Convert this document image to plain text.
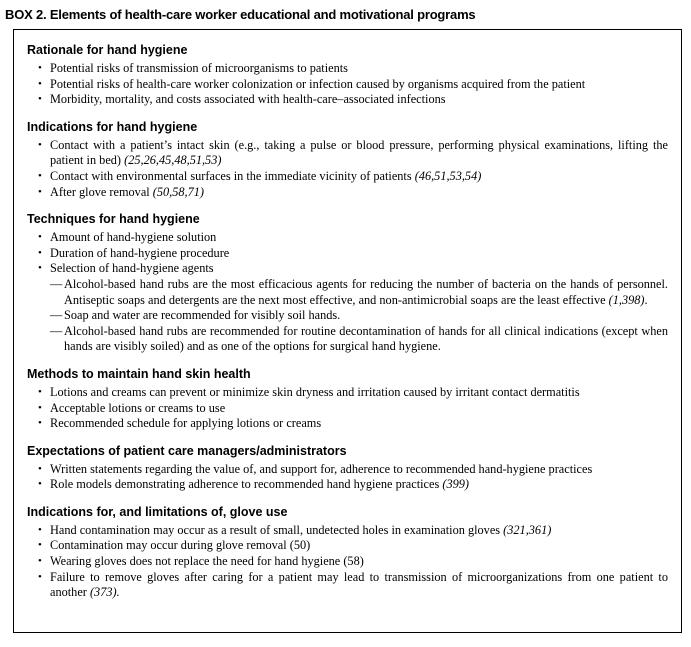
BOX 2. Elements of health-care worker educational and motivational programs
Rationale for hand hygiene
• Potential risks of transmission of microorganisms to patients
• Potential risks of health-care worker colonization or infection caused by organisms acquired from the patient
• Morbidity, mortality, and costs associated with health-care–associated infections
Indications for hand hygiene
• Contact with a patient’s intact skin (e.g., taking a pulse or blood pressure, performing physical examinations, lifting the patient in bed) (25,26,45,48,51,53)
• Contact with environmental surfaces in the immediate vicinity of patients (46,51,53,54)
• After glove removal (50,58,71)
Techniques for hand hygiene
• Amount of hand-hygiene solution
• Duration of hand-hygiene procedure
• Selection of hand-hygiene agents
— Alcohol-based hand rubs are the most efficacious agents for reducing the number of bacteria on the hands of personnel. Antiseptic soaps and detergents are the next most effective, and non-antimicrobial soaps are the least effective (1,398).
— Soap and water are recommended for visibly soil hands.
— Alcohol-based hand rubs are recommended for routine decontamination of hands for all clinical indications (except when hands are visibly soiled) and as one of the options for surgical hand hygiene.
Methods to maintain hand skin health
• Lotions and creams can prevent or minimize skin dryness and irritation caused by irritant contact dermatitis
• Acceptable lotions or creams to use
• Recommended schedule for applying lotions or creams
Expectations of patient care managers/administrators
• Written statements regarding the value of, and support for, adherence to recommended hand-hygiene practices
• Role models demonstrating adherence to recommended hand hygiene practices (399)
Indications for, and limitations of, glove use
• Hand contamination may occur as a result of small, undetected holes in examination gloves (321,361)
• Contamination may occur during glove removal (50)
• Wearing gloves does not replace the need for hand hygiene (58)
• Failure to remove gloves after caring for a patient may lead to transmission of microorganizations from one patient to another (373).
